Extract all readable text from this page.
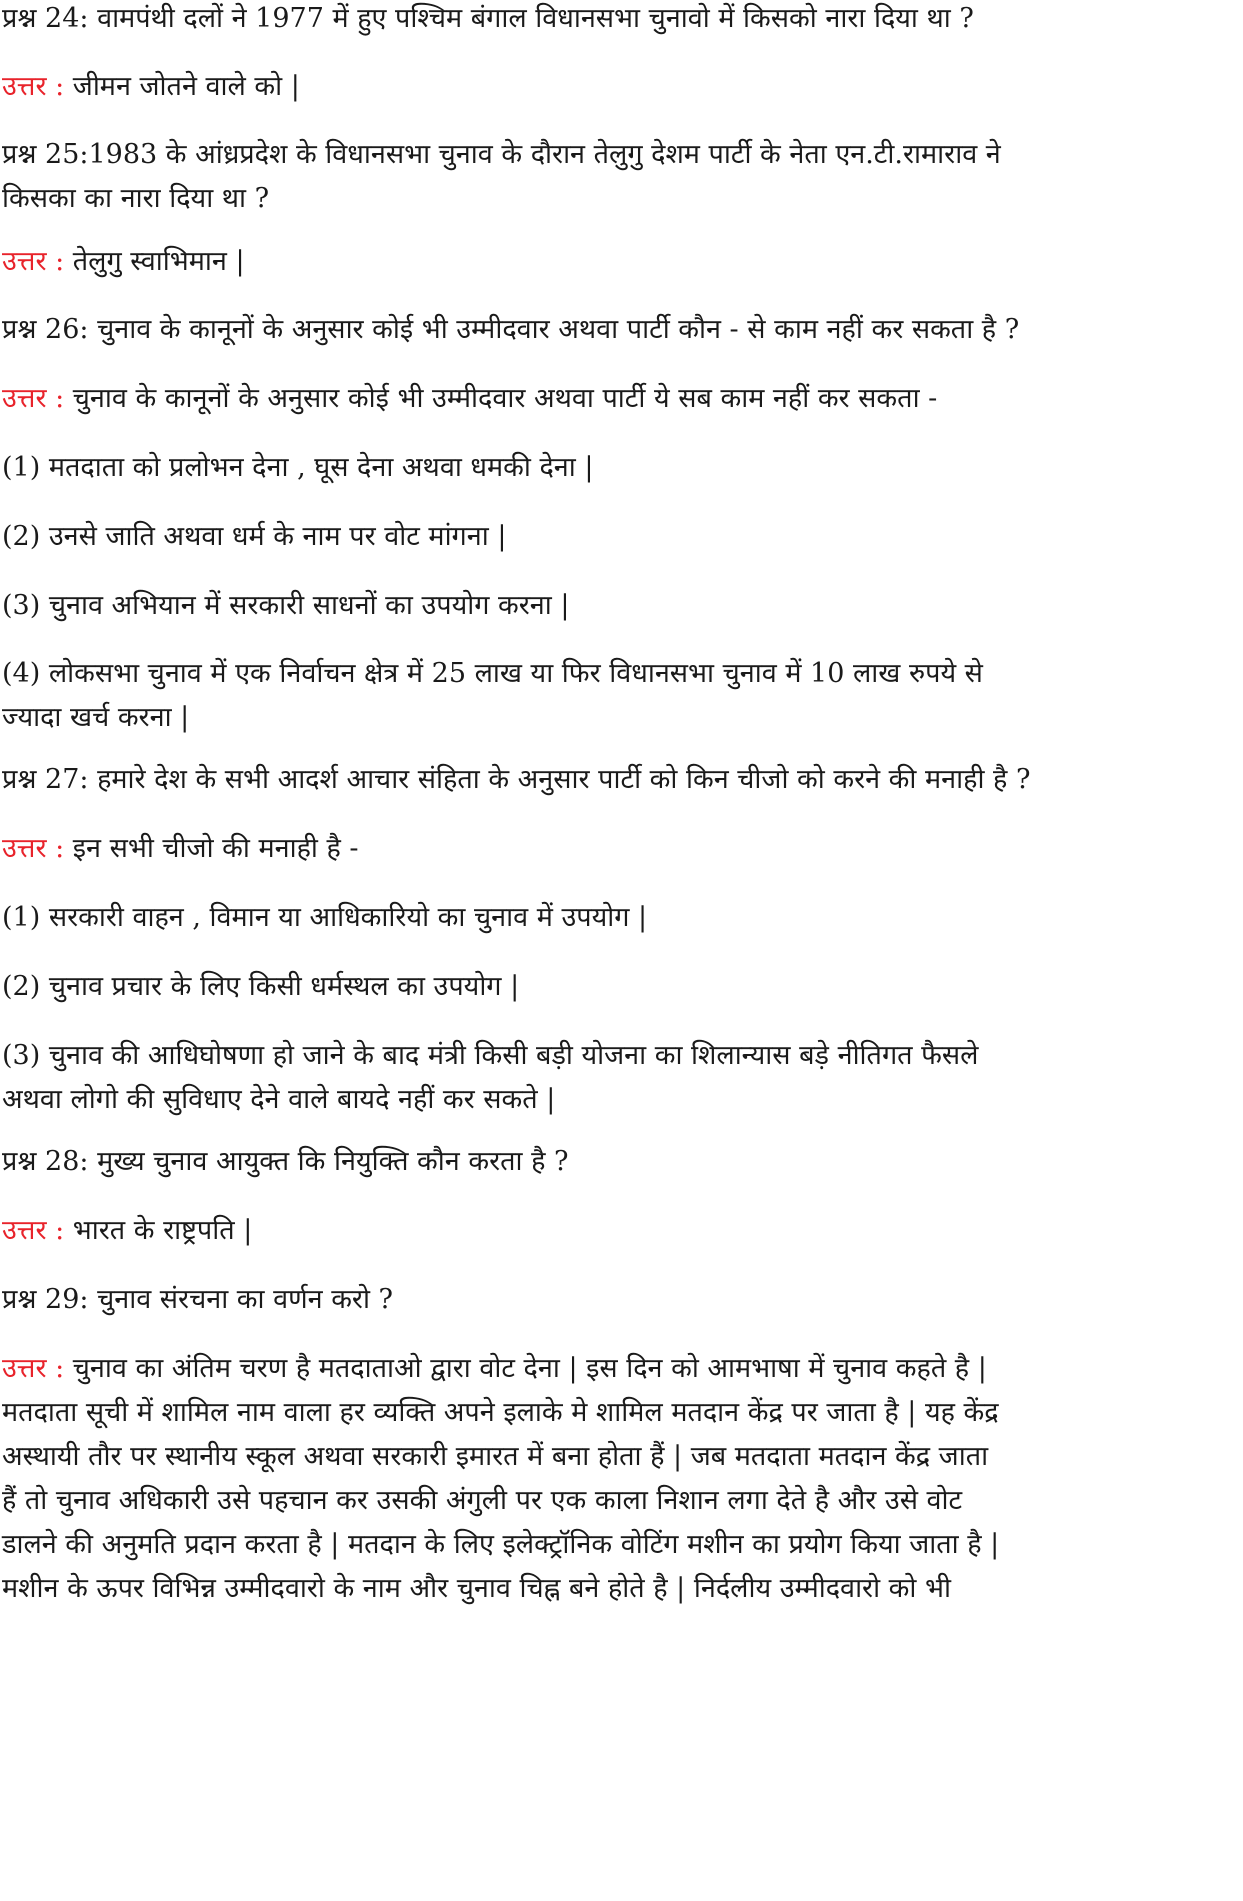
प्रश्न 24: वामपंथी दलों ने 1977 में हुए पश्चिम बंगाल विधानसभा चुनावो में किसको नारा दिया था ?

उत्तर : जीमन जोतने वाले को |

प्रश्न 25:1983 के आंध्रप्रदेश के विधानसभा चुनाव के दौरान तेलुगु देशम पार्टी के नेता एन.टी.रामाराव ने
किसका का नारा दिया था ?

उत्तर : तेलुगु स्वाभिमान |

प्रश्न 26: चुनाव के कानूनों के अनुसार कोई भी उम्मीदवार अथवा पार्टी कौन - से काम नहीं कर सकता है ?

उत्तर : चुनाव के कानूनों के अनुसार कोई भी उम्मीदवार अथवा पार्टी ये सब काम नहीं कर सकता -

(1) मतदाता को प्रलोभन देना , घूस देना अथवा धमकी देना |

(2) उनसे जाति अथवा धर्म के नाम पर वोट मांगना |

(3) चुनाव अभियान में सरकारी साधनों का उपयोग करना |

(4) लोकसभा चुनाव में एक निर्वाचन क्षेत्र में 25 लाख या फिर विधानसभा चुनाव में 10 लाख रुपये से
ज्यादा खर्च करना |

प्रश्न 27: हमारे देश के सभी आदर्श आचार संहिता के अनुसार पार्टी को किन चीजो को करने की मनाही है ?

उत्तर : इन सभी चीजो की मनाही है -

(1) सरकारी वाहन , विमान या आधिकारियो का चुनाव में उपयोग |

(2) चुनाव प्रचार के लिए किसी धर्मस्थल का उपयोग |

(3) चुनाव की आधिघोषणा हो जाने के बाद मंत्री किसी बड़ी योजना का शिलान्यास बड़े नीतिगत फैसले
अथवा लोगो की सुविधाए देने वाले बायदे नहीं कर सकते |

प्रश्न 28: मुख्य चुनाव आयुक्त कि नियुक्ति कौन करता है ?

उत्तर : भारत के राष्ट्रपति |

प्रश्न 29: चुनाव संरचना का वर्णन करो ?

उत्तर : चुनाव का अंतिम चरण है मतदाताओ द्वारा वोट देना | इस दिन को आमभाषा में चुनाव कहते है |
मतदाता सूची में शामिल नाम वाला हर व्यक्ति अपने इलाके मे शामिल मतदान केंद्र पर जाता है | यह केंद्र
अस्थायी तौर पर स्थानीय स्कूल अथवा सरकारी इमारत में बना होता हैं | जब मतदाता मतदान केंद्र जाता
हैं तो चुनाव अधिकारी उसे पहचान कर उसकी अंगुली पर एक काला निशान लगा देते है और उसे वोट
डालने की अनुमति प्रदान करता है | मतदान के लिए इलेक्ट्रॉनिक वोटिंग मशीन का प्रयोग किया जाता है |
मशीन के ऊपर विभिन्न उम्मीदवारो के नाम और चुनाव चिह्न बने होते है | निर्दलीय उम्मीदवारो को भी
